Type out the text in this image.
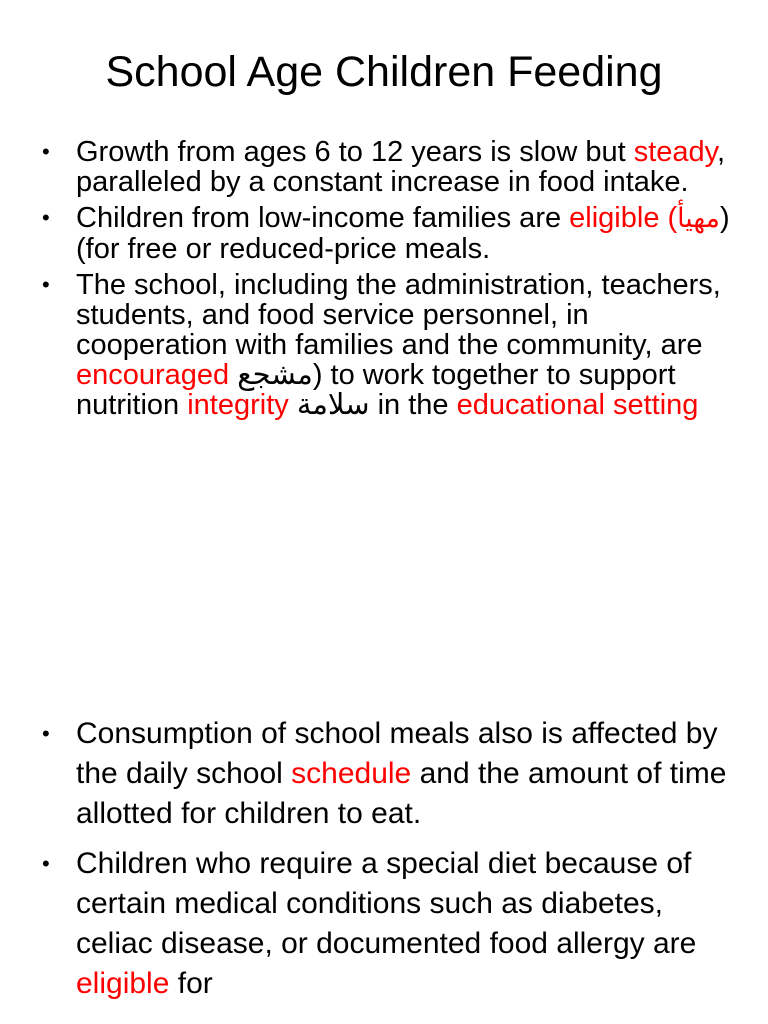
School Age Children Feeding
• Growth from ages 6 to 12 years is slow but steady, paralleled by a constant increase in food intake.
• Children from low-income families are eligible (مهيأ) (for free or reduced-price meals.
• The school, including the administration, teachers, students, and food service personnel, in cooperation with families and the community, are encouraged مشجع) to work together to support nutrition integrity سلامة in the educational setting
• Consumption of school meals also is affected by the daily school schedule and the amount of time allotted for children to eat.
• Children who require a special diet because of certain medical conditions such as diabetes, celiac disease, or documented food allergy are eligible for
